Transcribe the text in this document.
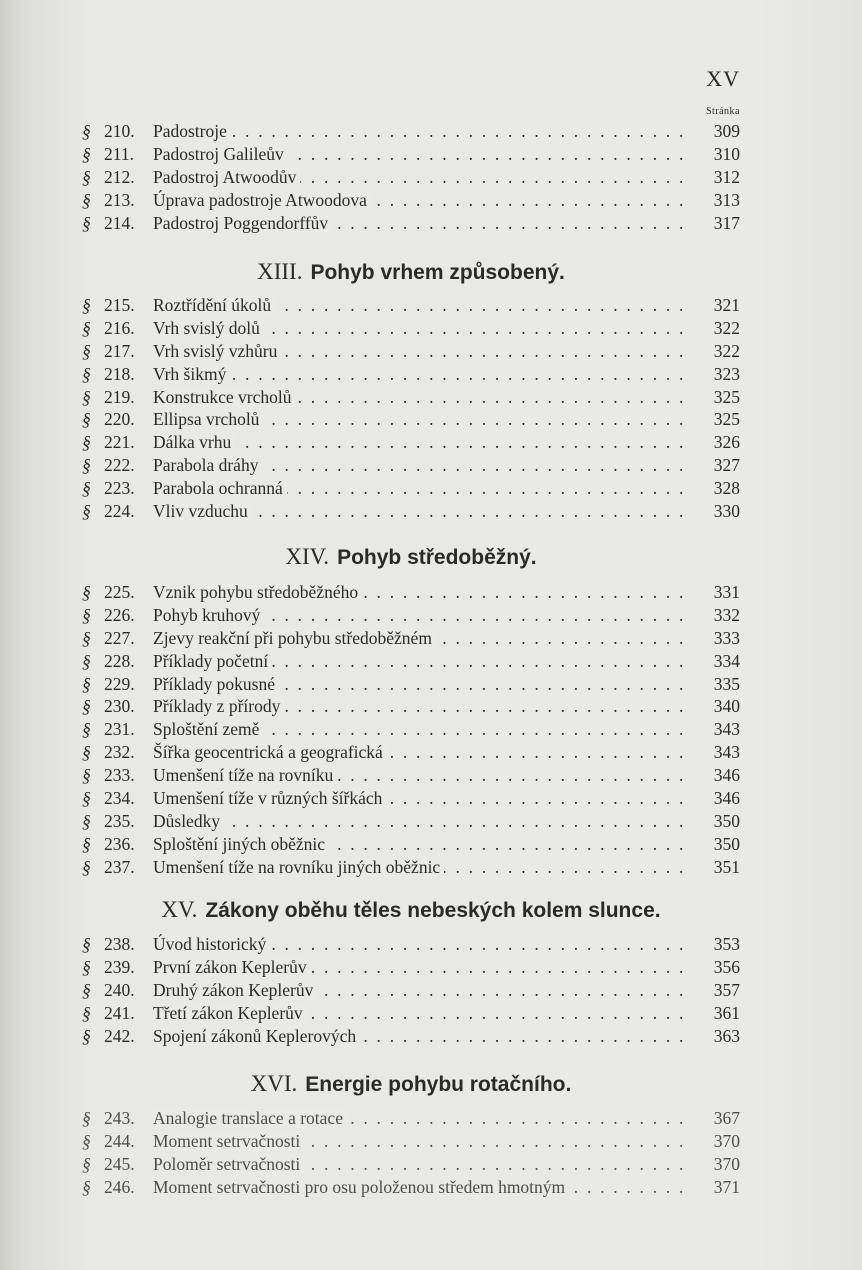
XV
Stránka
§ 210.	Padostroje . . .	309
§ 211.	Padostroj Galileův . . .	310
§ 212.	Padostroj Atwoodův . . .	312
§ 213.	Úprava padostroje Atwoodova . . .	313
§ 214.	Padostroj Poggendorffův . . .	317
XIII. Pohyb vrhem způsobený.
§ 215.	Roztřídění úkolů . . .	321
§ 216.	Vrh svislý dolů . . .	322
§ 217.	Vrh svislý vzhůru . . .	322
§ 218.	Vrh šikmý . . .	323
§ 219.	Konstrukce vrcholů . . .	325
§ 220.	Ellipsa vrcholů . . .	325
§ 221.	Dálka vrhu . . .	326
§ 222.	Parabola dráhy . . .	327
§ 223.	Parabola ochranná . . .	328
§ 224.	Vliv vzduchu . . .	330
XIV. Pohyb středoběžný.
§ 225.	Vznik pohybu středoběžného . . .	331
§ 226.	Pohyb kruhový . . .	332
§ 227.	Zjevy reakční při pohybu středoběžném . . .	333
§ 228.	Příklady početní . . .	334
§ 229.	Příklady pokusné . . .	335
§ 230.	Příklady z přírody . . .	340
§ 231.	Sploštění země . . .	343
§ 232.	Šířka geocentrická a geografická . . .	343
§ 233.	Umenšení tíže na rovníku . . .	346
§ 234.	Umenšení tíže v různých šířkách . . .	346
§ 235.	Důsledky . . .	350
§ 236.	Sploštění jiných oběžnic . . .	350
§ 237.	Umenšení tíže na rovníku jiných oběžnic . . .	351
XV. Zákony oběhu těles nebeských kolem slunce.
§ 238.	Úvod historický . . .	353
§ 239.	První zákon Keplerův . . .	356
§ 240.	Druhý zákon Keplerův . . .	357
§ 241.	Třetí zákon Keplerův . . .	361
§ 242.	Spojení zákonů Keplerových . . .	363
XVI. Energie pohybu rotačního.
§ 243.	Analogie translace a rotace . . .	367
§ 244.	Moment setrvačnosti . . .	370
§ 245.	Poloměr setrvačnosti . . .	370
§ 246.	Moment setrvačnosti pro osu položenou středem hmotným . . .	371
